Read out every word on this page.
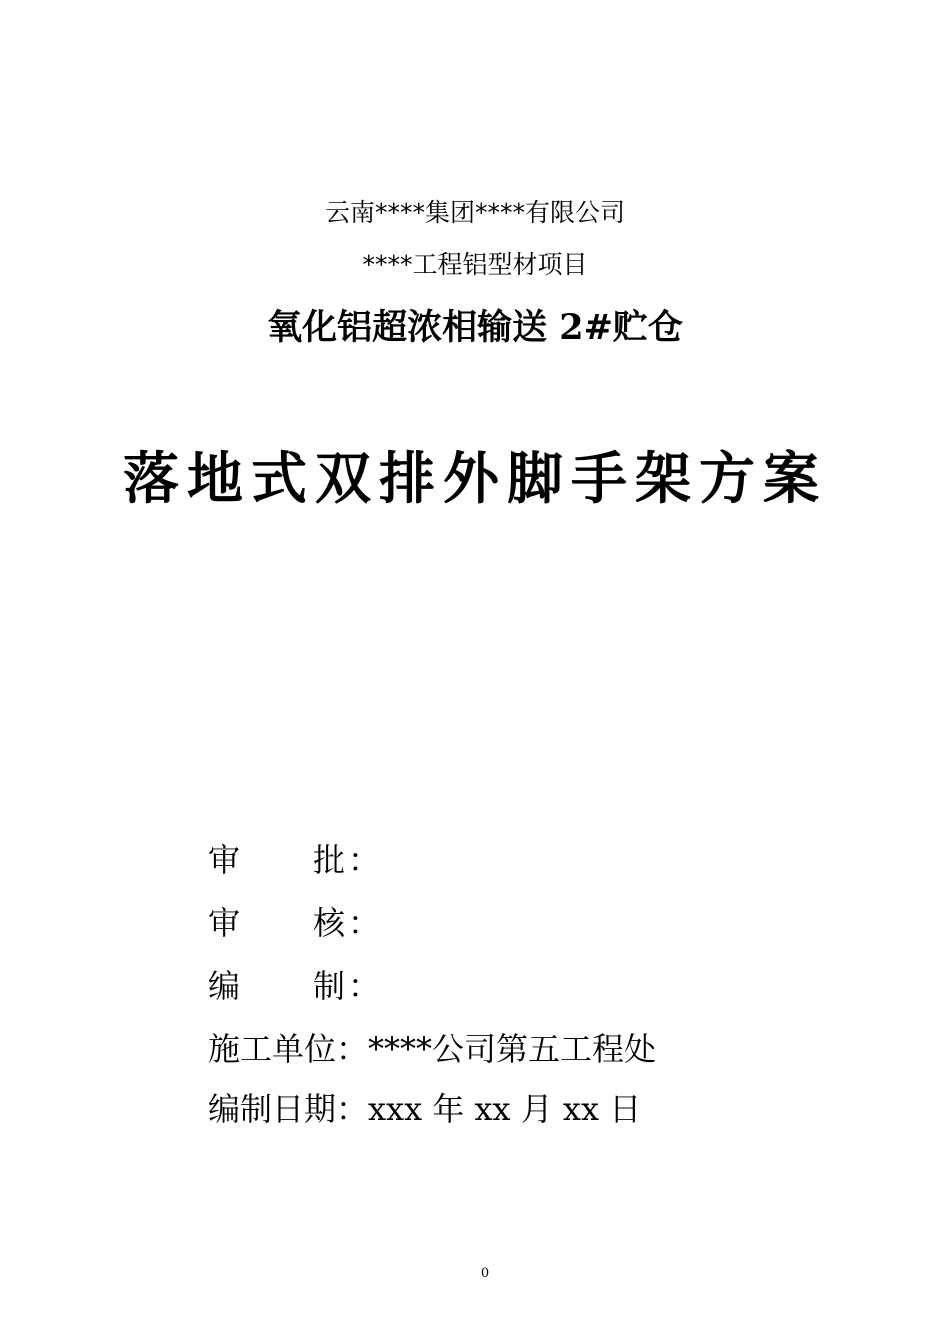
云南****集团****有限公司
****工程铝型材项目
氧化铝超浓相输送 2#贮仓
落地式双排外脚手架方案
审 批 ：
审 核 ：
编 制 ：
施工单位：****公司第五工程处
编制日期：xxx 年 xx 月 xx 日
0
